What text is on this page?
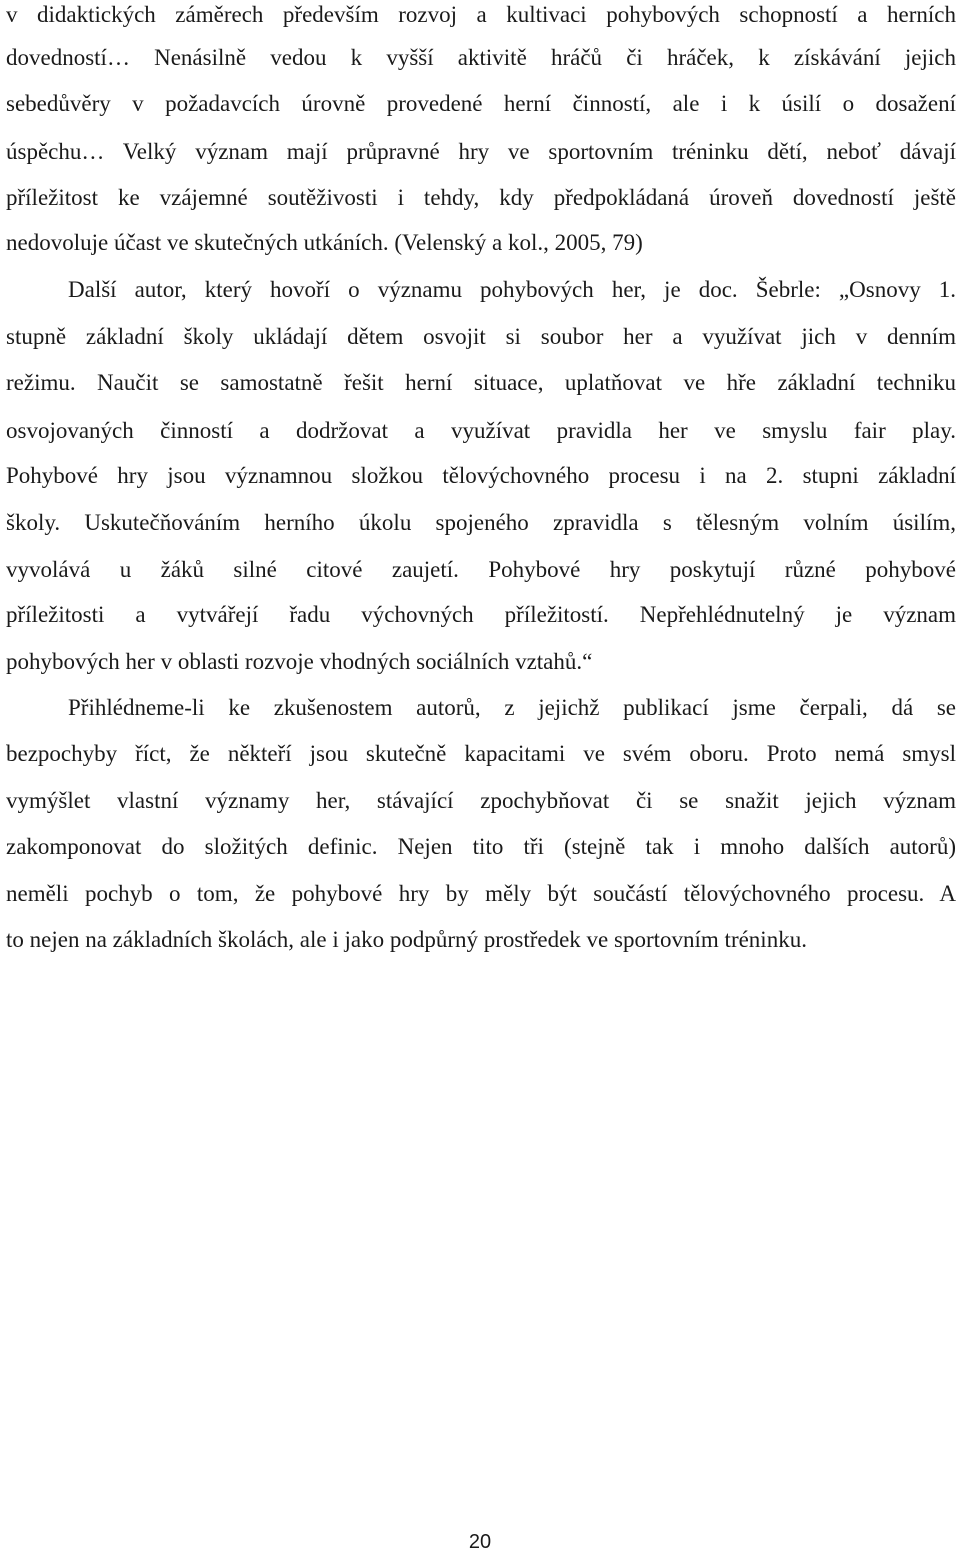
v didaktických záměrech především rozvoj a kultivaci pohybových schopností a herních
dovedností… Nenásilně vedou k vyšší aktivitě hráčů či hráček, k získávání jejich
sebedůvěry v požadavcích úrovně provedené herní činností, ale i k úsilí o dosažení
úspěchu… Velký význam mají průpravné hry ve sportovním tréninku dětí, neboť dávají
příležitost ke vzájemné soutěživosti i tehdy, kdy předpokládaná úroveň dovedností ještě
nedovoluje účast ve skutečných utkáních. (Velenský a kol., 2005, 79)
Další autor, který hovoří o významu pohybových her, je doc. Šebrle: „Osnovy 1.
stupně základní školy ukládají dětem osvojit si soubor her a využívat jich v denním
režimu. Naučit se samostatně řešit herní situace, uplatňovat ve hře základní techniku
osvojovaných činností a dodržovat a využívat pravidla her ve smyslu fair play.
Pohybové hry jsou významnou složkou tělovýchovného procesu i na 2. stupni základní
školy. Uskutečňováním herního úkolu spojeného zpravidla s tělesným volním úsilím,
vyvolává u žáků silné citové zaujetí. Pohybové hry poskytují různé pohybové
příležitosti a vytvářejí řadu výchovných příležitostí. Nepřehlédnutelný je význam
pohybových her v oblasti rozvoje vhodných sociálních vztahů.“
Přihlédneme-li ke zkušenostem autorů, z jejichž publikací jsme čerpali, dá se
bezpochyby říct, že někteří jsou skutečně kapacitami ve svém oboru. Proto nemá smysl
vymýšlet vlastní významy her, stávající zpochybňovat či se snažit jejich význam
zakomponovat do složitých definic. Nejen tito tři (stejně tak i mnoho dalších autorů)
neměli pochyb o tom, že pohybové hry by měly být součástí tělovýchovného procesu. A
to nejen na základních školách, ale i jako podpůrný prostředek ve sportovním tréninku.
20
